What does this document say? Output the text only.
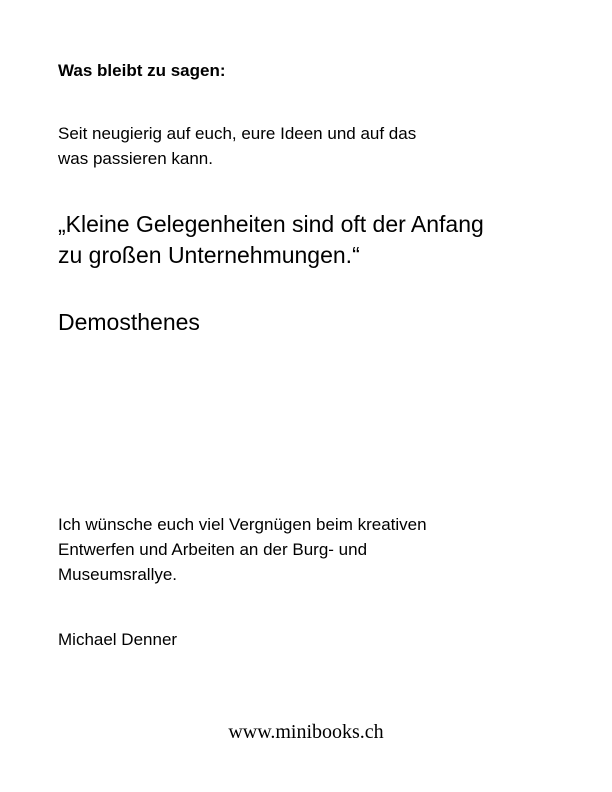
Was bleibt zu sagen:

Seit neugierig auf euch, eure Ideen und auf das
was passieren kann.

„Kleine Gelegenheiten sind oft der Anfang
zu großen Unternehmungen.“

Demosthenes

Ich wünsche euch viel Vergnügen beim kreativen
Entwerfen und Arbeiten an der Burg- und
Museumsrallye.

Michael Denner

www.minibooks.ch
